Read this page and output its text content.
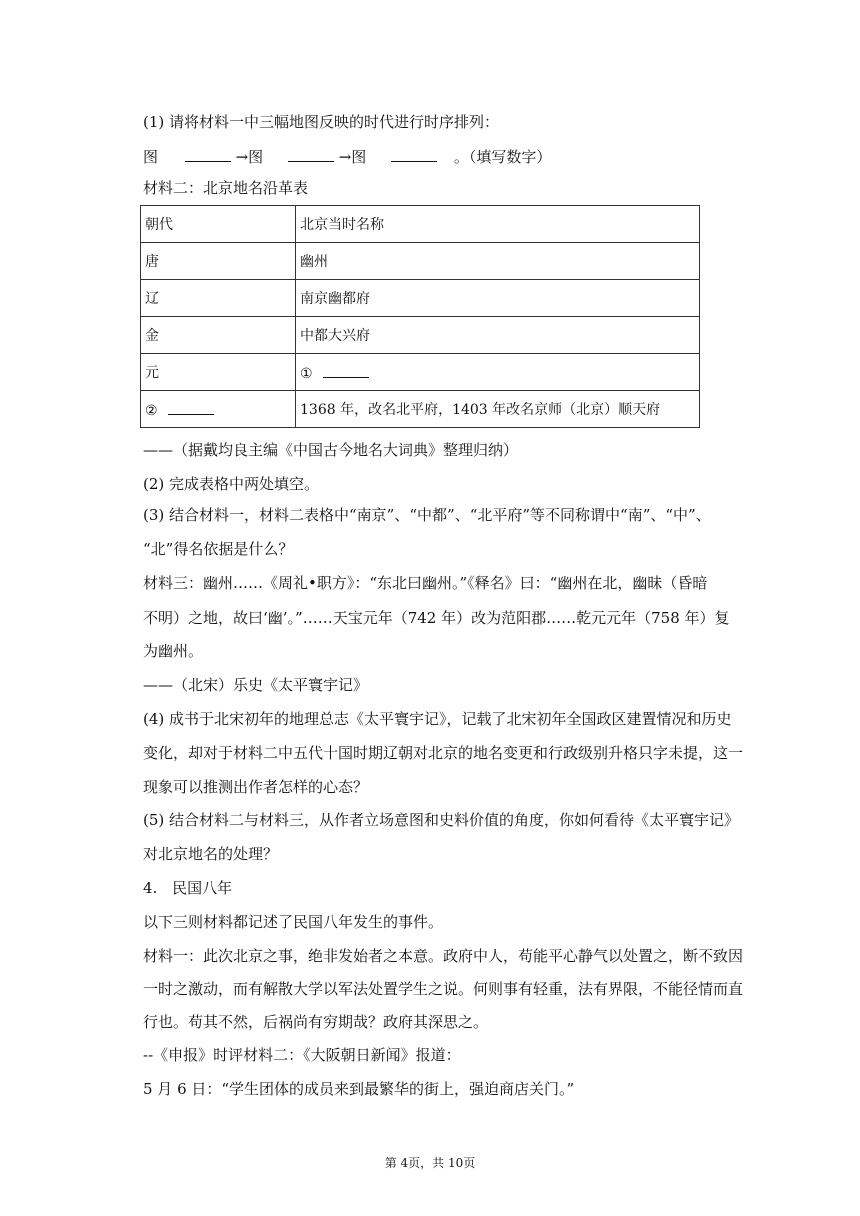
(1) 请将材料一中三幅地图反映的时代进行时序排列：
图	→图	→图	。（填写数字）
材料二：北京地名沿革表
朝代	北京当时名称
唐	幽州
辽	南京幽都府
金	中都大兴府
元	①
②	1368 年，改名北平府，1403 年改名京师（北京）顺天府
——（据戴均良主编《中国古今地名大词典》整理归纳）
(2) 完成表格中两处填空。
(3) 结合材料一，材料二表格中“南京”、“中都”、“北平府”等不同称谓中“南”、“中”、
“北”得名依据是什么？
材料三：幽州……《周礼•职方》：“东北曰幽州。”《释名》曰：“幽州在北，幽昧（昏暗
不明）之地，故曰‘幽’。”……天宝元年（742 年）改为范阳郡……乾元元年（758 年）复
为幽州。
——（北宋）乐史《太平寰宇记》
(4) 成书于北宋初年的地理总志《太平寰宇记》，记载了北宋初年全国政区建置情况和历史
变化，却对于材料二中五代十国时期辽朝对北京的地名变更和行政级别升格只字未提，这一
现象可以推测出作者怎样的心态？
(5) 结合材料二与材料三，从作者立场意图和史料价值的角度，你如何看待《太平寰宇记》
对北京地名的处理？
4. 民国八年
以下三则材料都记述了民国八年发生的事件。
材料一：此次北京之事，绝非发始者之本意。政府中人，苟能平心静气以处置之，断不致因
一时之激动，而有解散大学以军法处置学生之说。何则事有轻重，法有界限，不能径情而直
行也。苟其不然，后祸尚有穷期哉？政府其深思之。
--《申报》时评材料二：《大阪朝日新闻》报道：
5 月 6 日：“学生团体的成员来到最繁华的街上，强迫商店关门。”
第 4页，共 10页
